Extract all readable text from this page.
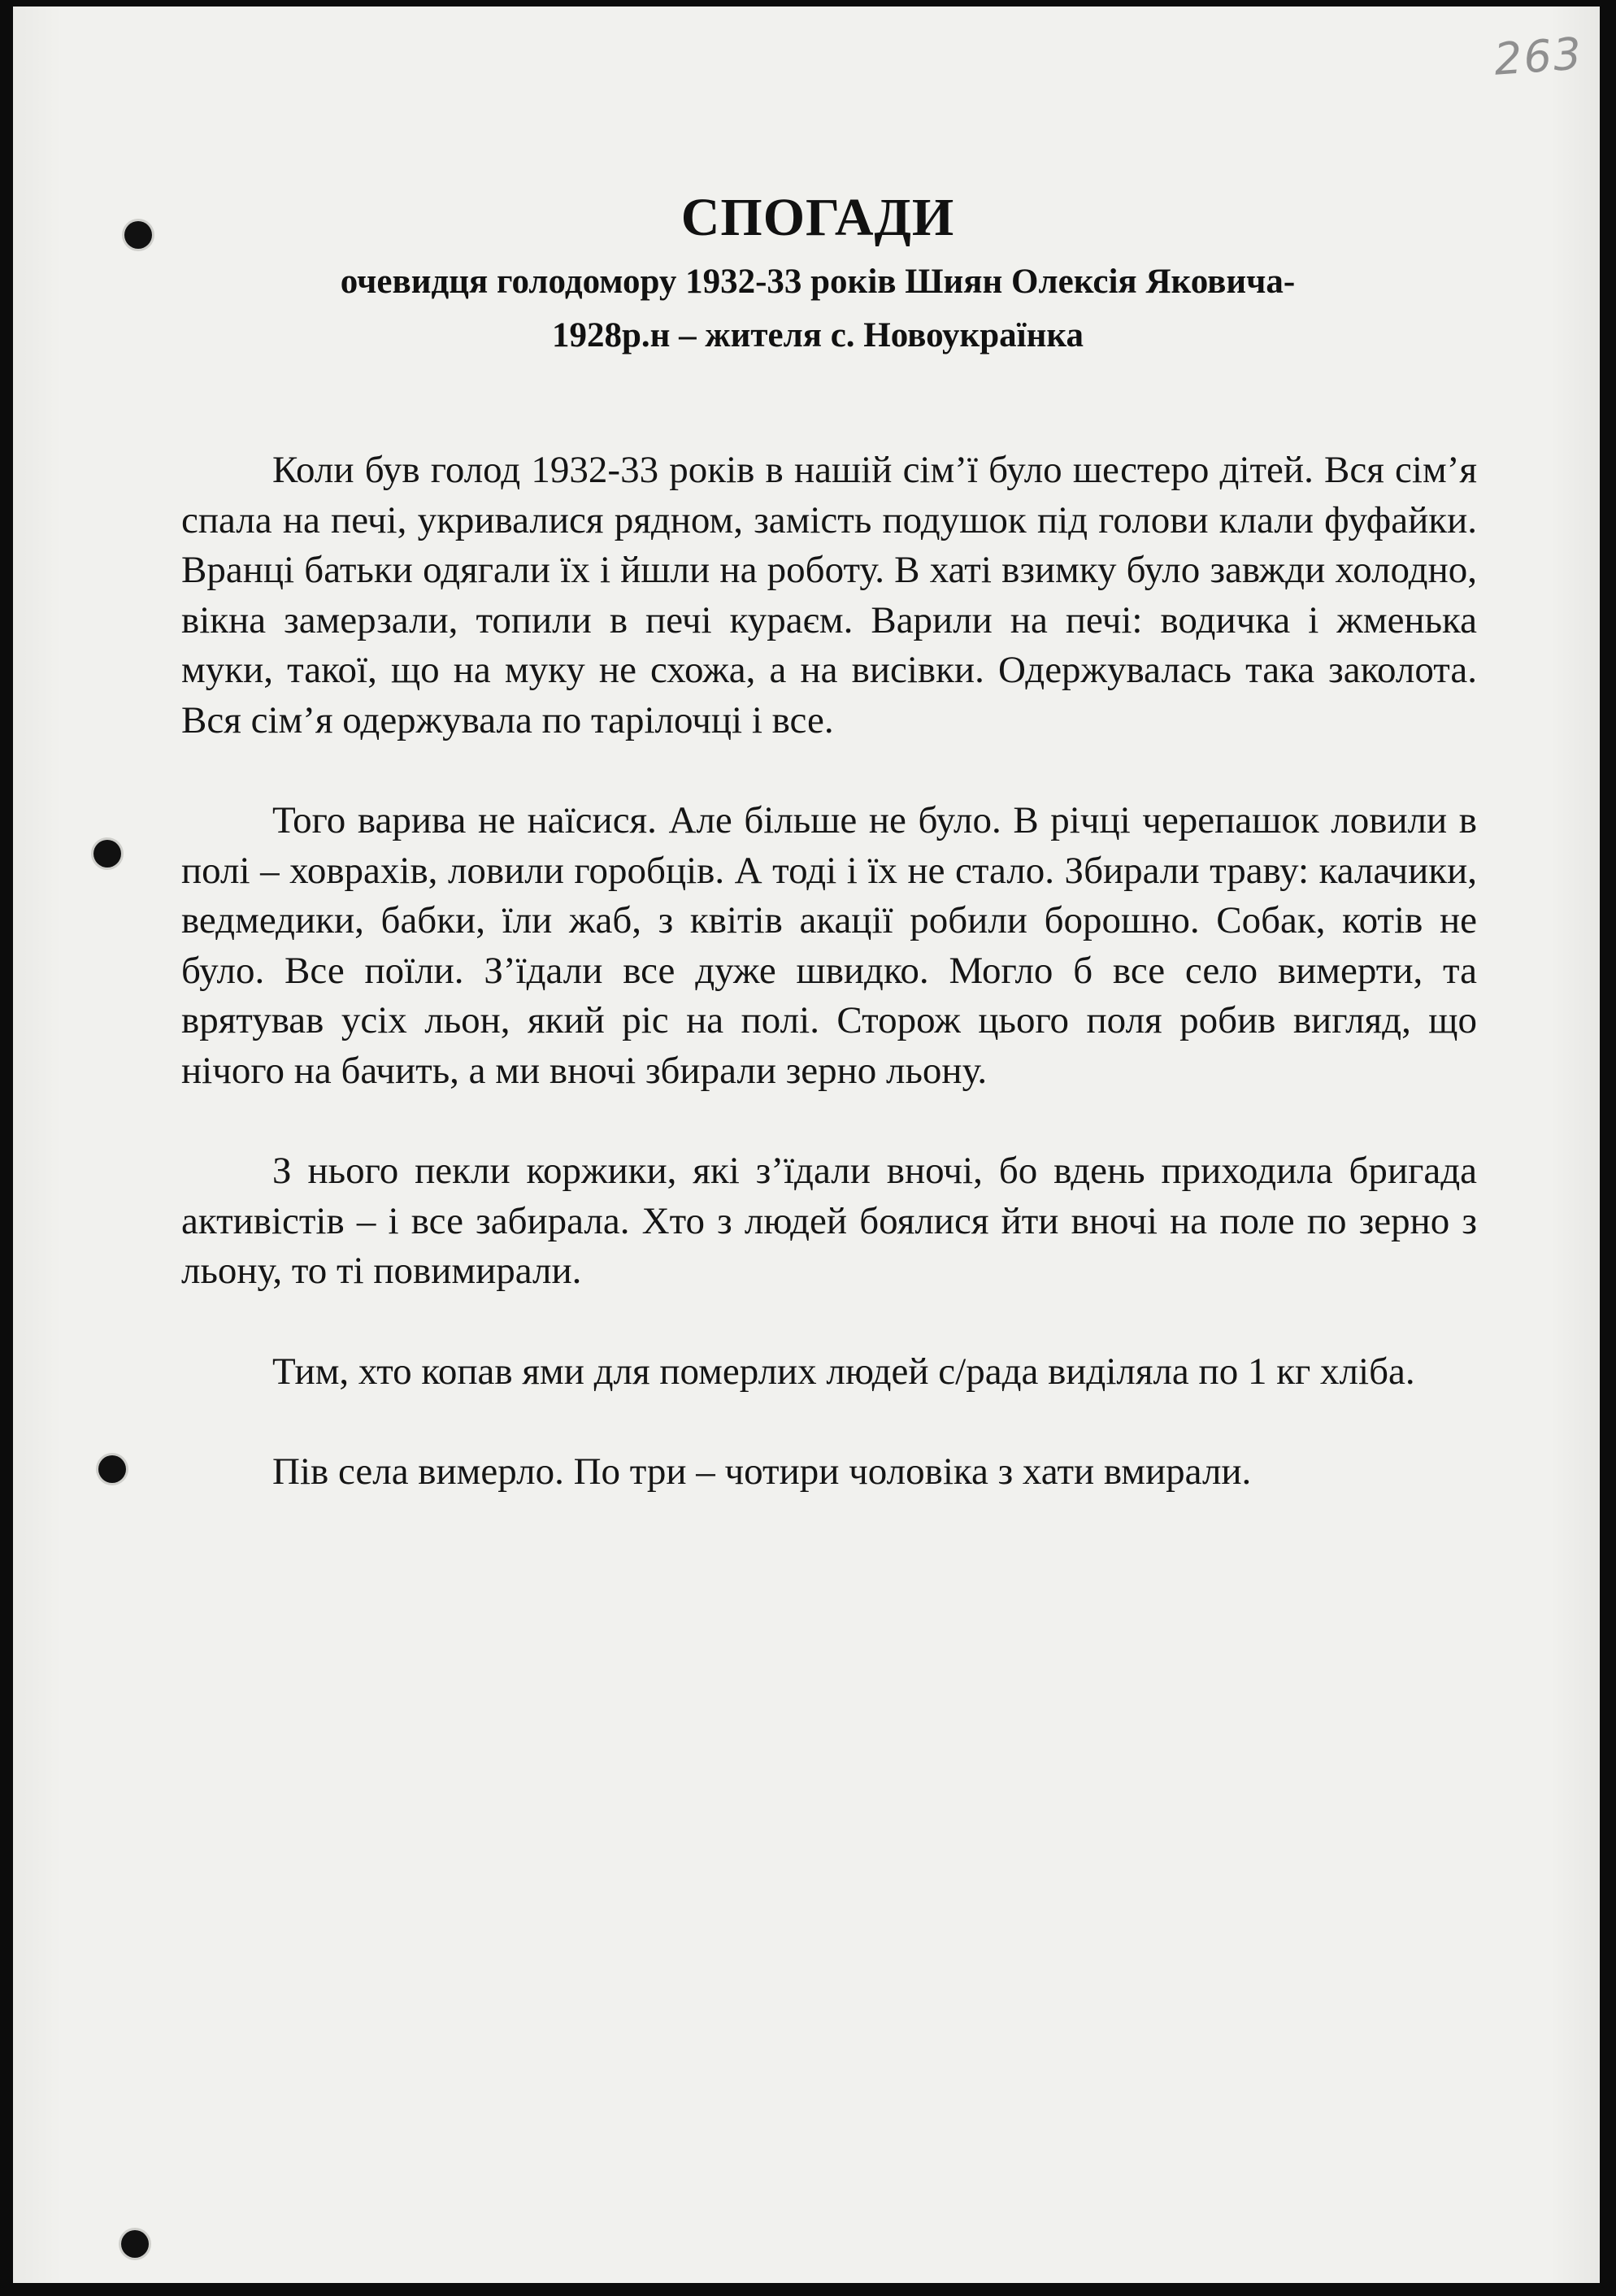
263
СПОГАДИ
очевидця голодомору 1932-33 років Шиян Олексія Яковича-
1928р.н – жителя с. Новоукраїнка

Коли був голод 1932-33 років в нашій сім’ї було шестеро дітей. Вся сім’я спала на печі, укривалися рядном, замість подушок під голови клали фуфайки. Вранці батьки одягали їх і йшли на роботу. В хаті взимку було завжди холодно, вікна замерзали, топили в печі кураєм. Варили на печі: водичка і жменька муки, такої, що на муку не схожа, а на висівки. Одержувалась така заколота. Вся сім’я одержувала по тарілочці і все.

Того варива не наїсися. Але більше не було. В річці черепашок ловили в полі – ховрахів, ловили горобців. А тоді і їх не стало. Збирали траву: калачики, ведмедики, бабки, їли жаб, з квітів акації робили борошно. Собак, котів не було. Все поїли. З’їдали все дуже швидко. Могло б все село вимерти, та врятував усіх льон, який ріс на полі. Сторож цього поля робив вигляд, що нічого на бачить, а ми вночі збирали зерно льону.

З нього пекли коржики, які з’їдали вночі, бо вдень приходила бригада активістів – і все забирала. Хто з людей боялися йти вночі на поле по зерно з льону, то ті повимирали.

Тим, хто копав ями для померлих людей с/рада виділяла по 1 кг хліба.

Пів села вимерло. По три – чотири чоловіка з хати вмирали.
